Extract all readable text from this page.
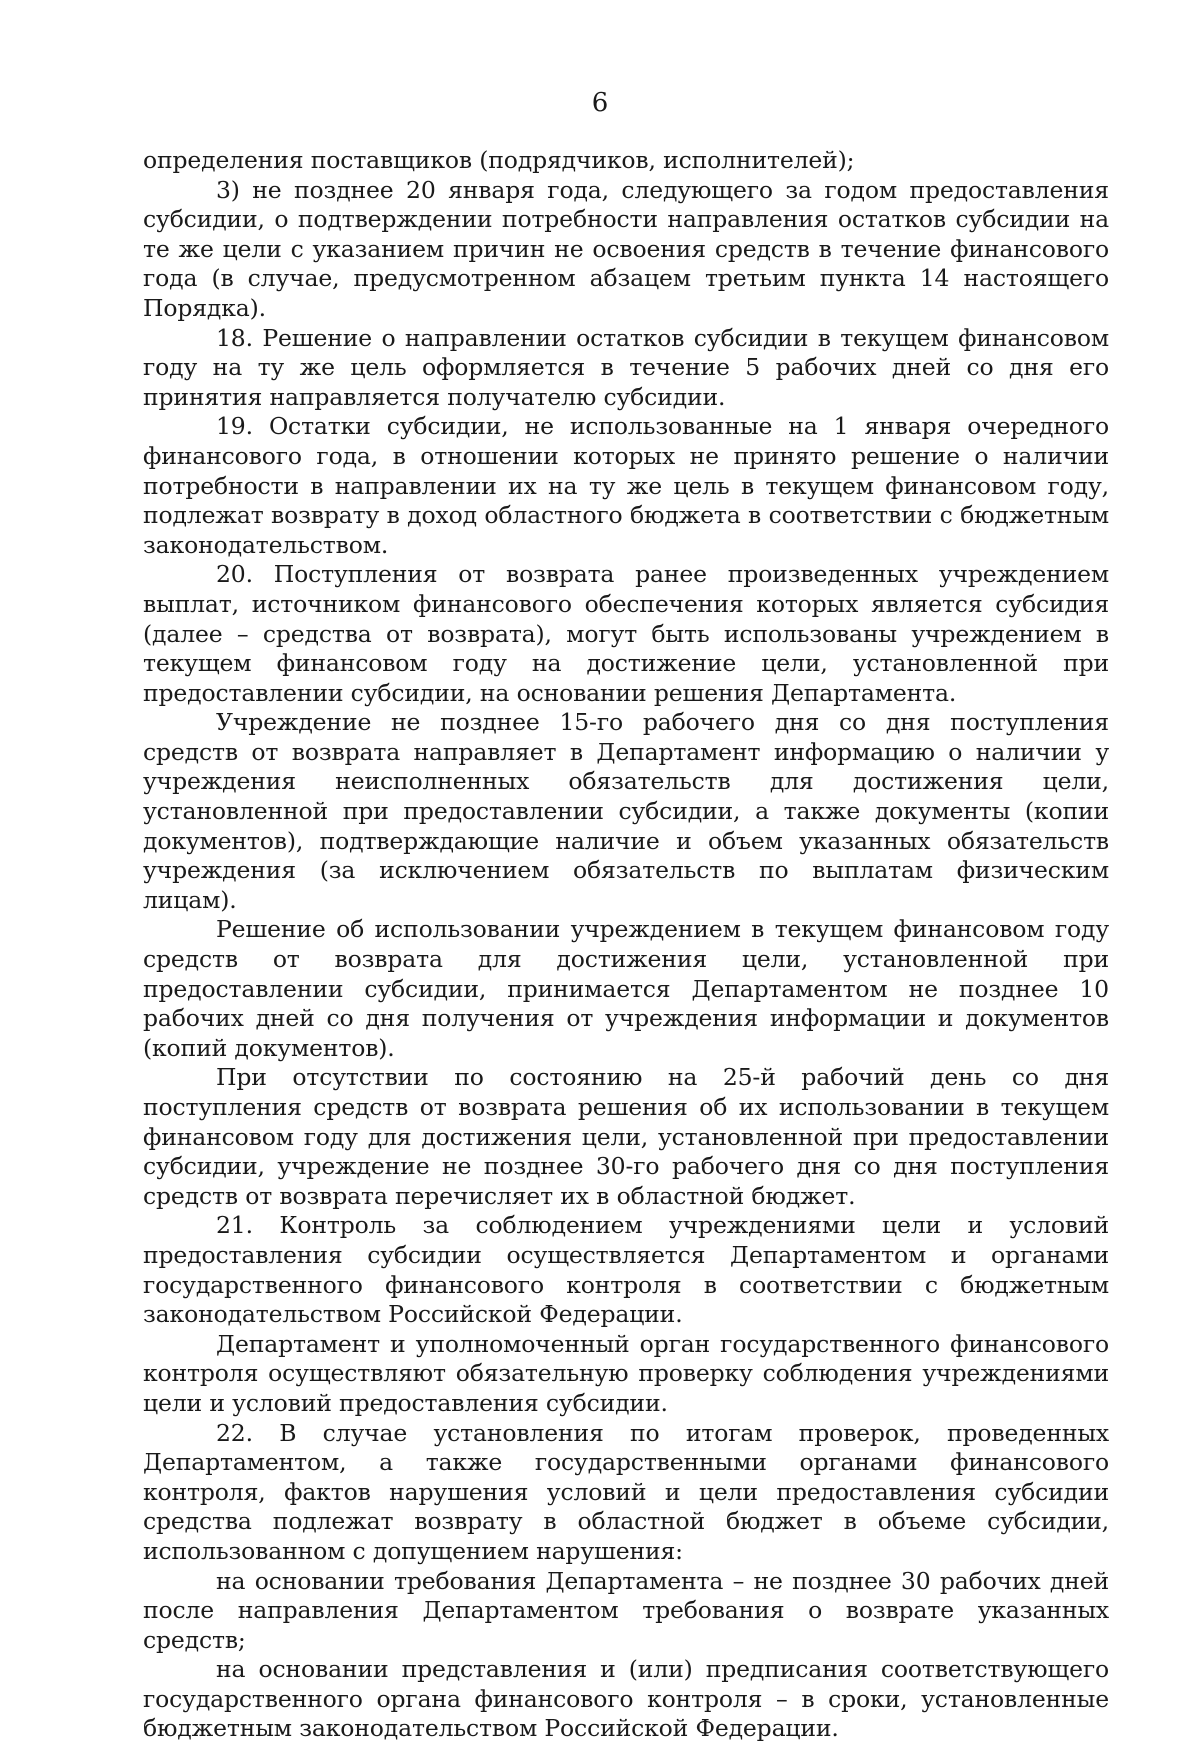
6

определения поставщиков (подрядчиков, исполнителей);

3) не позднее 20 января года, следующего за годом предоставления субсидии, о подтверждении потребности направления остатков субсидии на те же цели с указанием причин не освоения средств в течение финансового года (в случае, предусмотренном абзацем третьим пункта 14 настоящего Порядка).

18. Решение о направлении остатков субсидии в текущем финансовом году на ту же цель оформляется в течение 5 рабочих дней со дня его принятия направляется получателю субсидии.

19. Остатки субсидии, не использованные на 1 января очередного финансового года, в отношении которых не принято решение о наличии потребности в направлении их на ту же цель в текущем финансовом году, подлежат возврату в доход областного бюджета в соответствии с бюджетным законодательством.

20. Поступления от возврата ранее произведенных учреждением выплат, источником финансового обеспечения которых является субсидия (далее – средства от возврата), могут быть использованы учреждением в текущем финансовом году на достижение цели, установленной при предоставлении субсидии, на основании решения Департамента.

Учреждение не позднее 15-го рабочего дня со дня поступления средств от возврата направляет в Департамент информацию о наличии у учреждения неисполненных обязательств для достижения цели, установленной при предоставлении субсидии, а также документы (копии документов), подтверждающие наличие и объем указанных обязательств учреждения (за исключением обязательств по выплатам физическим лицам).

Решение об использовании учреждением в текущем финансовом году средств от возврата для достижения цели, установленной при предоставлении субсидии, принимается Департаментом не позднее 10 рабочих дней со дня получения от учреждения информации и документов (копий документов).

При отсутствии по состоянию на 25-й рабочий день со дня поступления средств от возврата решения об их использовании в текущем финансовом году для достижения цели, установленной при предоставлении субсидии, учреждение не позднее 30-го рабочего дня со дня поступления средств от возврата перечисляет их в областной бюджет.

21. Контроль за соблюдением учреждениями цели и условий предоставления субсидии осуществляется Департаментом и органами государственного финансового контроля в соответствии с бюджетным законодательством Российской Федерации.

Департамент и уполномоченный орган государственного финансового контроля осуществляют обязательную проверку соблюдения учреждениями цели и условий предоставления субсидии.

22. В случае установления по итогам проверок, проведенных Департаментом, а также государственными органами финансового контроля, фактов нарушения условий и цели предоставления субсидии средства подлежат возврату в областной бюджет в объеме субсидии, использованном с допущением нарушения:

на основании требования Департамента – не позднее 30 рабочих дней после направления Департаментом требования о возврате указанных средств;

на основании представления и (или) предписания соответствующего государственного органа финансового контроля – в сроки, установленные бюджетным законодательством Российской Федерации.
